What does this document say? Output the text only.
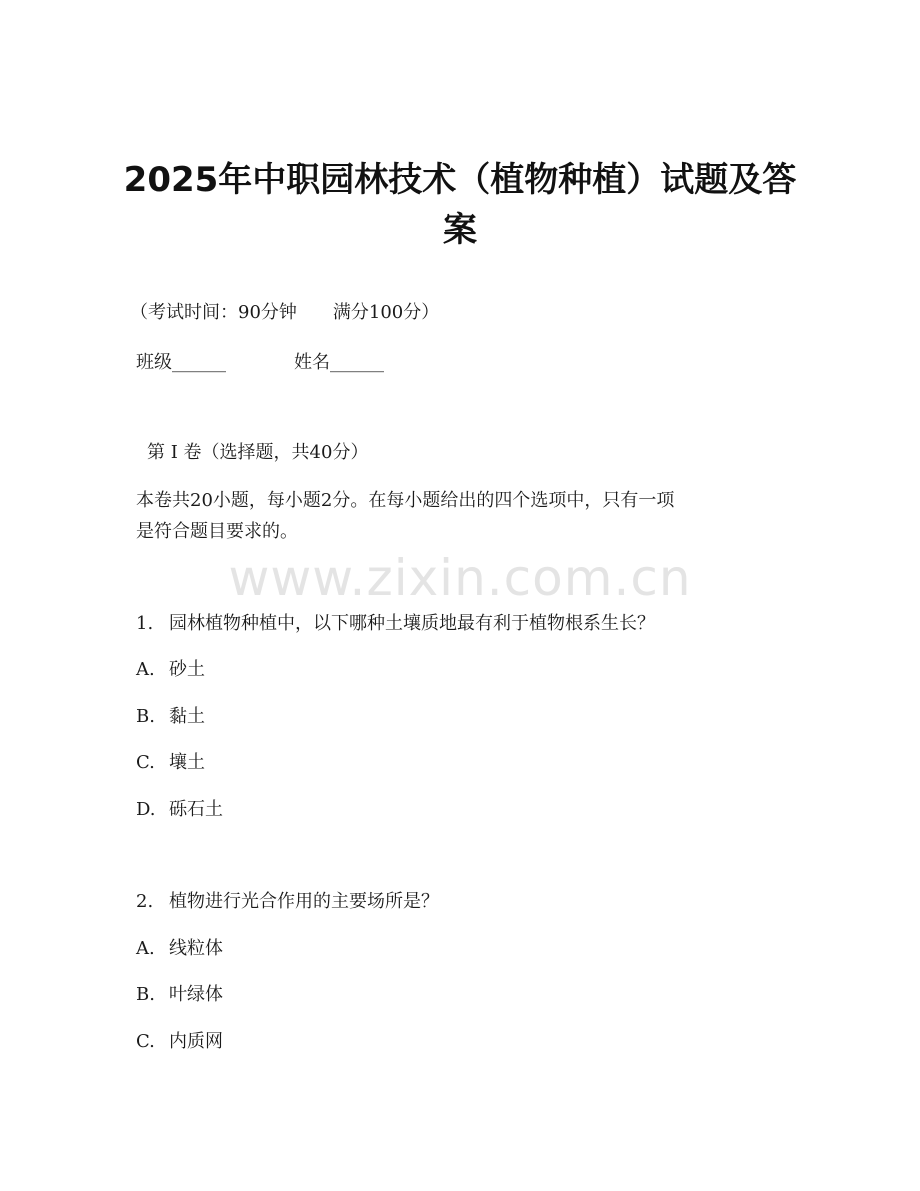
2025年中职园林技术（植物种植）试题及答
案
（考试时间：90分钟　　满分100分）
班级______	姓名______
第 I 卷（选择题，共40分）
本卷共20小题，每小题2分。在每小题给出的四个选项中，只有一项
是符合题目要求的。
www.zixin.com.cn
1. 园林植物种植中，以下哪种土壤质地最有利于植物根系生长？
A. 砂土
B. 黏土
C. 壤土
D. 砾石土
2. 植物进行光合作用的主要场所是？
A. 线粒体
B. 叶绿体
C. 内质网
